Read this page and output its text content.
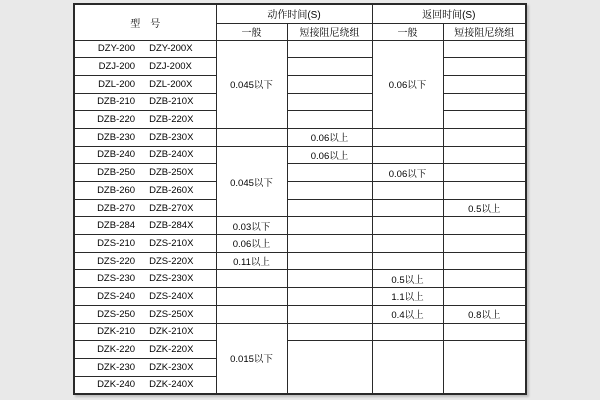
型　号	动作时间(S)		返回时间(S)	
	一般	短接阻尼绕组	一般	短接阻尼绕组
DZY-200 DZY-200X	0.045以下		0.06以下	
DZJ-200 DZJ-200X				
DZL-200 DZL-200X				
DZB-210 DZB-210X				
DZB-220 DZB-220X				
DZB-230 DZB-230X		0.06以上		
DZB-240 DZB-240X	0.045以下	0.06以上		
DZB-250 DZB-250X			0.06以下	
DZB-260 DZB-260X				
DZB-270 DZB-270X				0.5以上
DZB-284 DZB-284X	0.03以下			
DZS-210 DZS-210X	0.06以上			
DZS-220 DZS-220X	0.11以上			
DZS-230 DZS-230X			0.5以上	
DZS-240 DZS-240X			1.1以上	
DZS-250 DZS-250X			0.4以上	0.8以上
DZK-210 DZK-210X	0.015以下			
DZK-220 DZK-220X				
DZK-230 DZK-230X				
DZK-240 DZK-240X				
